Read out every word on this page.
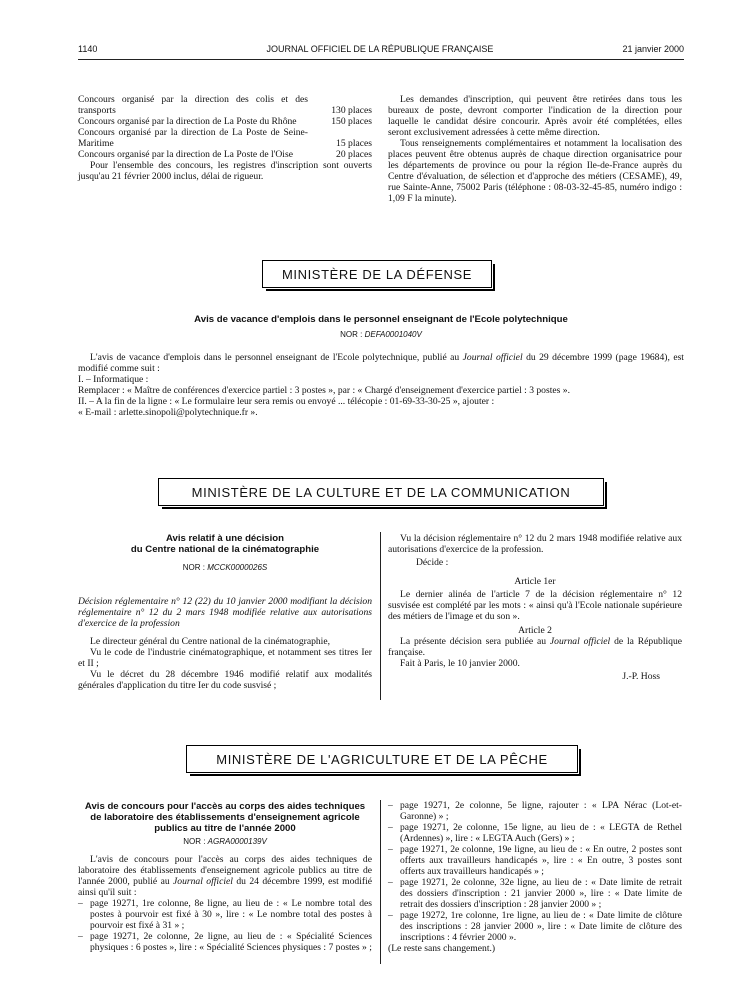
1140	JOURNAL OFFICIEL DE LA RÉPUBLIQUE FRANÇAISE	21 janvier 2000
Concours organisé par la direction des colis et des transports	130 places
Concours organisé par la direction de La Poste du Rhône	150 places
Concours organisé par la direction de La Poste de Seine-Maritime	15 places
Concours organisé par la direction de La Poste de l'Oise	20 places

Pour l'ensemble des concours, les registres d'inscription sont ouverts jusqu'au 21 février 2000 inclus, délai de rigueur.

Les demandes d'inscription, qui peuvent être retirées dans tous les bureaux de poste, devront comporter l'indication de la direction pour laquelle le candidat désire concourir. Après avoir été complétées, elles seront exclusivement adressées à cette même direction.

Tous renseignements complémentaires et notamment la localisation des places peuvent être obtenus auprès de chaque direction organisatrice pour les départements de province ou pour la région Ile-de-France auprès du Centre d'évaluation, de sélection et d'approche des métiers (CESAME), 49, rue Sainte-Anne, 75002 Paris (téléphone : 08-03-32-45-85, numéro indigo : 1,09 F la minute).

MINISTÈRE DE LA DÉFENSE
Avis de vacance d'emplois dans le personnel enseignant de l'Ecole polytechnique
NOR : DEFA0001040V

L'avis de vacance d'emplois dans le personnel enseignant de l'Ecole polytechnique, publié au Journal officiel du 29 décembre 1999 (page 19684), est modifié comme suit :

I. – Informatique :

Remplacer : « Maître de conférences d'exercice partiel : 3 postes », par : « Chargé d'enseignement d'exercice partiel : 3 postes ».

II. – A la fin de la ligne : « Le formulaire leur sera remis ou envoyé ... télécopie : 01-69-33-30-25 », ajouter :

« E-mail : arlette.sinopoli@polytechnique.fr ».

MINISTÈRE DE LA CULTURE ET DE LA COMMUNICATION
Avis relatif à une décision
du Centre national de la cinématographie
NOR : MCCK0000026S

Décision réglementaire n° 12 (22) du 10 janvier 2000 modifiant la décision réglementaire n° 12 du 2 mars 1948 modifiée relative aux autorisations d'exercice de la profession

Le directeur général du Centre national de la cinématographie,

Vu le code de l'industrie cinématographique, et notamment ses titres Ier et II ;

Vu le décret du 28 décembre 1946 modifié relatif aux modalités générales d'application du titre Ier du code susvisé ;

Vu la décision réglementaire n° 12 du 2 mars 1948 modifiée relative aux autorisations d'exercice de la profession.

Décide :

Article 1er

Le dernier alinéa de l'article 7 de la décision réglementaire n° 12 susvisée est complété par les mots : « ainsi qu'à l'Ecole nationale supérieure des métiers de l'image et du son ».

Article 2

La présente décision sera publiée au Journal officiel de la République française.

Fait à Paris, le 10 janvier 2000.

J.-P. Hoss

MINISTÈRE DE L'AGRICULTURE ET DE LA PÊCHE
Avis de concours pour l'accès au corps des aides techniques de laboratoire des établissements d'enseignement agricole publics au titre de l'année 2000
NOR : AGRA0000139V

L'avis de concours pour l'accès au corps des aides techniques de laboratoire des établissements d'enseignement agricole publics au titre de l'année 2000, publié au Journal officiel du 24 décembre 1999, est modifié ainsi qu'il suit :

– page 19271, 1re colonne, 8e ligne, au lieu de : « Le nombre total des postes à pourvoir est fixé à 30 », lire : « Le nombre total des postes à pourvoir est fixé à 31 » ;
– page 19271, 2e colonne, 2e ligne, au lieu de : « Spécialité Sciences physiques : 6 postes », lire : « Spécialité Sciences physiques : 7 postes » ;
– page 19271, 2e colonne, 5e ligne, rajouter : « LPA Nérac (Lot-et-Garonne) » ;
– page 19271, 2e colonne, 15e ligne, au lieu de : « LEGTA de Rethel (Ardennes) », lire : « LEGTA Auch (Gers) » ;
– page 19271, 2e colonne, 19e ligne, au lieu de : « En outre, 2 postes sont offerts aux travailleurs handicapés », lire : « En outre, 3 postes sont offerts aux travailleurs handicapés » ;
– page 19271, 2e colonne, 32e ligne, au lieu de : « Date limite de retrait des dossiers d'inscription : 21 janvier 2000 », lire : « Date limite de retrait des dossiers d'inscription : 28 janvier 2000 » ;
– page 19272, 1re colonne, 1re ligne, au lieu de : « Date limite de clôture des inscriptions : 28 janvier 2000 », lire : « Date limite de clôture des inscriptions : 4 février 2000 ».

(Le reste sans changement.)
